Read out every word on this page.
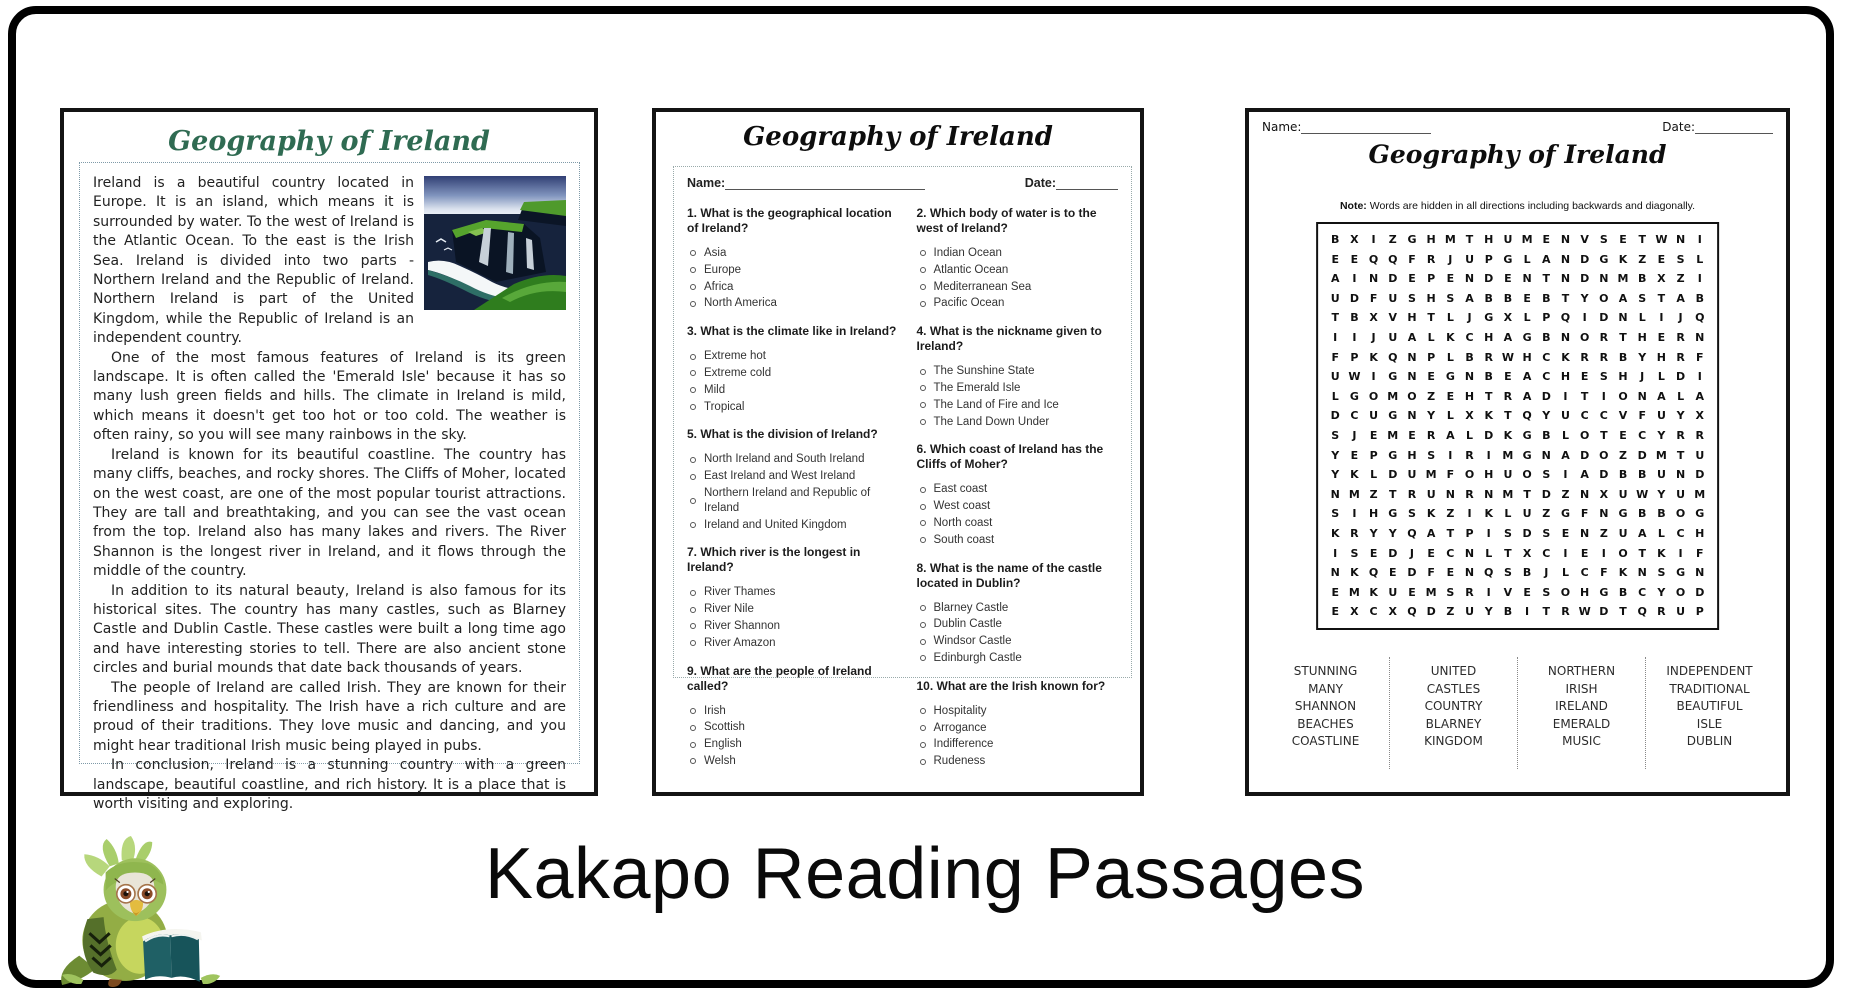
Geography of Ireland
Ireland is a beautiful country located in Europe. It is an island, which means it is surrounded by water. To the west of Ireland is the Atlantic Ocean. To the east is the Irish Sea. Ireland is divided into two parts - Northern Ireland and the Republic of Ireland. Northern Ireland is part of the United Kingdom, while the Republic of Ireland is an independent country.
One of the most famous features of Ireland is its green landscape. It is often called the 'Emerald Isle' because it has so many lush green fields and hills. The climate in Ireland is mild, which means it doesn't get too hot or too cold. The weather is often rainy, so you will see many rainbows in the sky.
Ireland is known for its beautiful coastline. The country has many cliffs, beaches, and rocky shores. The Cliffs of Moher, located on the west coast, are one of the most popular tourist attractions. They are tall and breathtaking, and you can see the vast ocean from the top. Ireland also has many lakes and rivers. The River Shannon is the longest river in Ireland, and it flows through the middle of the country.
In addition to its natural beauty, Ireland is also famous for its historical sites. The country has many castles, such as Blarney Castle and Dublin Castle. These castles were built a long time ago and have interesting stories to tell. There are also ancient stone circles and burial mounds that date back thousands of years.
The people of Ireland are called Irish. They are known for their friendliness and hospitality. The Irish have a rich culture and are proud of their traditions. They love music and dancing, and you might hear traditional Irish music being played in pubs.
In conclusion, Ireland is a stunning country with a green landscape, beautiful coastline, and rich history. It is a place that is worth visiting and exploring.
Geography of Ireland
Name:	Date:
1. What is the geographical location of Ireland?
Asia
Europe
Africa
North America
3. What is the climate like in Ireland?
Extreme hot
Extreme cold
Mild
Tropical
5. What is the division of Ireland?
North Ireland and South Ireland
East Ireland and West Ireland
Northern Ireland and Republic of Ireland
Ireland and United Kingdom
7. Which river is the longest in Ireland?
River Thames
River Nile
River Shannon
River Amazon
9. What are the people of Ireland called?
Irish
Scottish
English
Welsh
2. Which body of water is to the west of Ireland?
Indian Ocean
Atlantic Ocean
Mediterranean Sea
Pacific Ocean
4. What is the nickname given to Ireland?
The Sunshine State
The Emerald Isle
The Land of Fire and Ice
The Land Down Under
6. Which coast of Ireland has the Cliffs of Moher?
East coast
West coast
North coast
South coast
8. What is the name of the castle located in Dublin?
Blarney Castle
Dublin Castle
Windsor Castle
Edinburgh Castle
10. What are the Irish known for?
Hospitality
Arrogance
Indifference
Rudeness
Name:	Date:
Geography of Ireland
Note: Words are hidden in all directions including backwards and diagonally.
B X	I	Z G H M T H U M E N V S	E	T W N	I
E	E Q Q F	R	J	U P G	L	A N D G K Z	E	S	L
A	I	N D E	P	E N D E N T N D N M B X Z	I
U D F U S H S A B B	E	B	T	Y O A S	T	A B
T	B X V H T	L	J	G X	L	P Q	I	D N	L	I	J	Q
I	I	J	U A	L	K C H A G B N O R	T H E	R N
F	P K Q N P	L	B R W H C K R R B	Y H R	F
U W	I	G N E G N B	E	A C H E	S H	J	L	D	I
L	G O M O Z	E H T	R A D	I	T	I	O N A	L	A
D C U G N Y	L	X K	T Q Y U C	C V	F U Y X
S	J	E M E	R A	L	D K G B	L	O T	E	C	Y R R
Y	E	P G H S	I	R	I	M G N A D O Z D M T U
Y K	L	D U M F O H U O S	I	A D B B U N D
N M Z	T	R U N R N M T D Z N X U W Y U M
S	I	H G S K Z	I	K	L	U Z G F N G B B O G
K R Y	Y Q A	T	P	I	S D S	E N Z U A	L	C H
I	S	E D	J	E	C N	L	T	X C	I	E	I	O T	K	I	F
N K Q E D F	E N Q S	B	J	L	C	F	K N S G N
E M K U E M S R	I	V	E	S O H G B C	Y O D
E	X C X Q D Z U Y	B	I	T	R W D T Q R U P
STUNNING
MANY
SHANNON
BEACHES
COASTLINE
UNITED
CASTLES
COUNTRY
BLARNEY
KINGDOM
NORTHERN
IRISH
IRELAND
EMERALD
MUSIC
INDEPENDENT
TRADITIONAL
BEAUTIFUL
ISLE
DUBLIN
Kakapo Reading Passages
